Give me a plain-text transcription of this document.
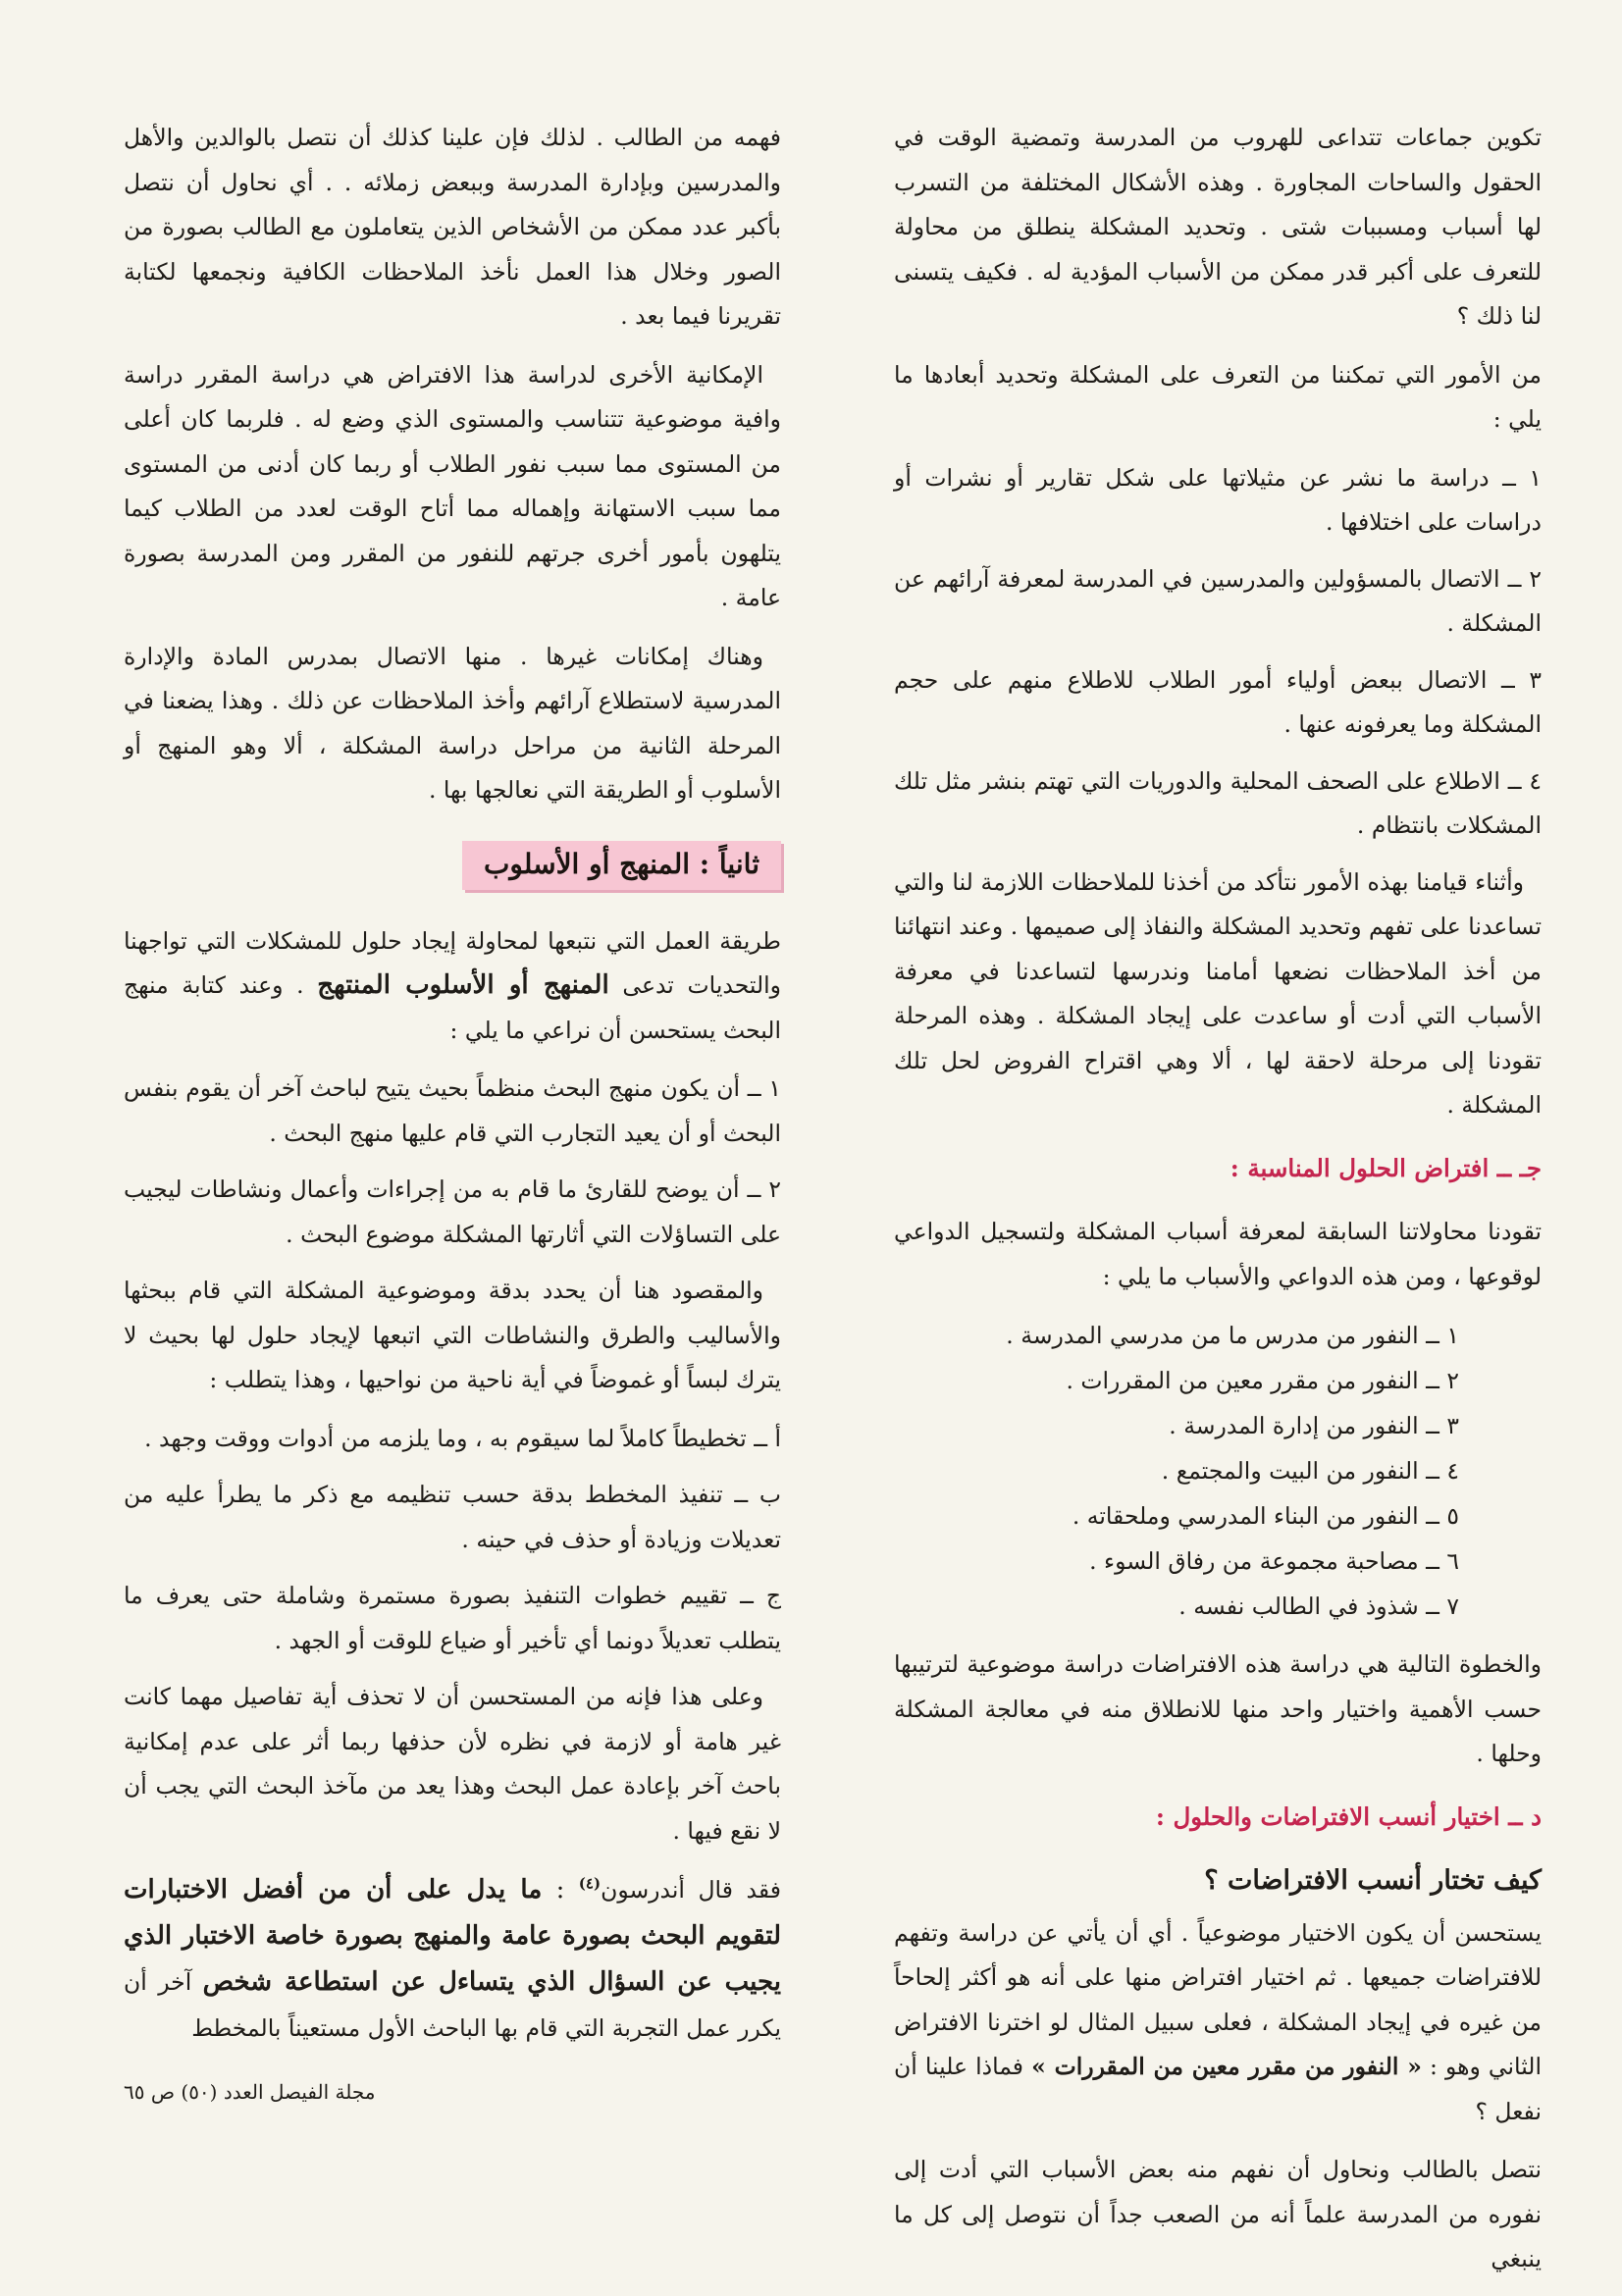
تكوين جماعات تتداعى للهروب من المدرسة وتمضية الوقت في الحقول والساحات المجاورة . وهذه الأشكال المختلفة من التسرب لها أسباب ومسببات شتى . وتحديد المشكلة ينطلق من محاولة للتعرف على أكبر قدر ممكن من الأسباب المؤدية له . فكيف يتسنى لنا ذلك ؟

من الأمور التي تمكننا من التعرف على المشكلة وتحديد أبعادها ما يلي :

١ ــ دراسة ما نشر عن مثيلاتها على شكل تقارير أو نشرات أو دراسات على اختلافها .

٢ ــ الاتصال بالمسؤولين والمدرسين في المدرسة لمعرفة آرائهم عن المشكلة .

٣ ــ الاتصال ببعض أولياء أمور الطلاب للاطلاع منهم على حجم المشكلة وما يعرفونه عنها .

٤ ــ الاطلاع على الصحف المحلية والدوريات التي تهتم بنشر مثل تلك المشكلات بانتظام .

وأثناء قيامنا بهذه الأمور نتأكد من أخذنا للملاحظات اللازمة لنا والتي تساعدنا على تفهم وتحديد المشكلة والنفاذ إلى صميمها . وعند انتهائنا من أخذ الملاحظات نضعها أمامنا وندرسها لتساعدنا في معرفة الأسباب التي أدت أو ساعدت على إيجاد المشكلة . وهذه المرحلة تقودنا إلى مرحلة لاحقة لها ، ألا وهي اقتراح الفروض لحل تلك المشكلة .

جـ ــ افتراض الحلول المناسبة :

تقودنا محاولاتنا السابقة لمعرفة أسباب المشكلة ولتسجيل الدواعي لوقوعها ، ومن هذه الدواعي والأسباب ما يلي :

١ ــ النفور من مدرس ما من مدرسي المدرسة .
٢ ــ النفور من مقرر معين من المقررات .
٣ ــ النفور من إدارة المدرسة .
٤ ــ النفور من البيت والمجتمع .
٥ ــ النفور من البناء المدرسي وملحقاته .
٦ ــ مصاحبة مجموعة من رفاق السوء .
٧ ــ شذوذ في الطالب نفسه .

والخطوة التالية هي دراسة هذه الافتراضات دراسة موضوعية لترتيبها حسب الأهمية واختيار واحد منها للانطلاق منه في معالجة المشكلة وحلها .

د ــ اختيار أنسب الافتراضات والحلول :
كيف تختار أنسب الافتراضات ؟

يستحسن أن يكون الاختيار موضوعياً . أي أن يأتي عن دراسة وتفهم للافتراضات جميعها . ثم اختيار افتراض منها على أنه هو أكثر إلحاحاً من غيره في إيجاد المشكلة ، فعلى سبيل المثال لو اخترنا الافتراض الثاني وهو : « النفور من مقرر معين من المقررات » فماذا علينا أن نفعل ؟

نتصل بالطالب ونحاول أن نفهم منه بعض الأسباب التي أدت إلى نفوره من المدرسة علماً أنه من الصعب جداً أن نتوصل إلى كل ما ينبغي

فهمه من الطالب . لذلك فإن علينا كذلك أن نتصل بالوالدين والأهل والمدرسين وبإدارة المدرسة وببعض زملائه . . أي نحاول أن نتصل بأكبر عدد ممكن من الأشخاص الذين يتعاملون مع الطالب بصورة من الصور وخلال هذا العمل نأخذ الملاحظات الكافية ونجمعها لكتابة تقريرنا فيما بعد .

الإمكانية الأخرى لدراسة هذا الافتراض هي دراسة المقرر دراسة وافية موضوعية تتناسب والمستوى الذي وضع له . فلربما كان أعلى من المستوى مما سبب نفور الطلاب أو ربما كان أدنى من المستوى مما سبب الاستهانة وإهماله مما أتاح الوقت لعدد من الطلاب كيما يتلهون بأمور أخرى جرتهم للنفور من المقرر ومن المدرسة بصورة عامة .

وهناك إمكانات غيرها . منها الاتصال بمدرس المادة والإدارة المدرسية لاستطلاع آرائهم وأخذ الملاحظات عن ذلك . وهذا يضعنا في المرحلة الثانية من مراحل دراسة المشكلة ، ألا وهو المنهج أو الأسلوب أو الطريقة التي نعالجها بها .

ثانياً : المنهج أو الأسلوب

طريقة العمل التي نتبعها لمحاولة إيجاد حلول للمشكلات التي تواجهنا والتحديات تدعى المنهج أو الأسلوب المنتهج . وعند كتابة منهج البحث يستحسن أن نراعي ما يلي :

١ ــ أن يكون منهج البحث منظماً بحيث يتيح لباحث آخر أن يقوم بنفس البحث أو أن يعيد التجارب التي قام عليها منهج البحث .

٢ ــ أن يوضح للقارئ ما قام به من إجراءات وأعمال ونشاطات ليجيب على التساؤلات التي أثارتها المشكلة موضوع البحث .

والمقصود هنا أن يحدد بدقة وموضوعية المشكلة التي قام ببحثها والأساليب والطرق والنشاطات التي اتبعها لإيجاد حلول لها بحيث لا يترك لبساً أو غموضاً في أية ناحية من نواحيها ، وهذا يتطلب :

أ ــ تخطيطاً كاملاً لما سيقوم به ، وما يلزمه من أدوات ووقت وجهد .

ب ــ تنفيذ المخطط بدقة حسب تنظيمه مع ذكر ما يطرأ عليه من تعديلات وزيادة أو حذف في حينه .

ج ــ تقييم خطوات التنفيذ بصورة مستمرة وشاملة حتى يعرف ما يتطلب تعديلاً دونما أي تأخير أو ضياع للوقت أو الجهد .

وعلى هذا فإنه من المستحسن أن لا تحذف أية تفاصيل مهما كانت غير هامة أو لازمة في نظره لأن حذفها ربما أثر على عدم إمكانية باحث آخر بإعادة عمل البحث وهذا يعد من مآخذ البحث التي يجب أن لا نقع فيها .

فقد قال أندرسون$^{(٤)}$ : ما يدل على أن من أفضل الاختبارات لتقويم البحث بصورة عامة والمنهج بصورة خاصة الاختبار الذي يجيب عن السؤال الذي يتساءل عن استطاعة شخص آخر أن يكرر عمل التجربة التي قام بها الباحث الأول مستعيناً بالمخطط

مجلة الفيصل العدد (٥٠) ص ٦٥
